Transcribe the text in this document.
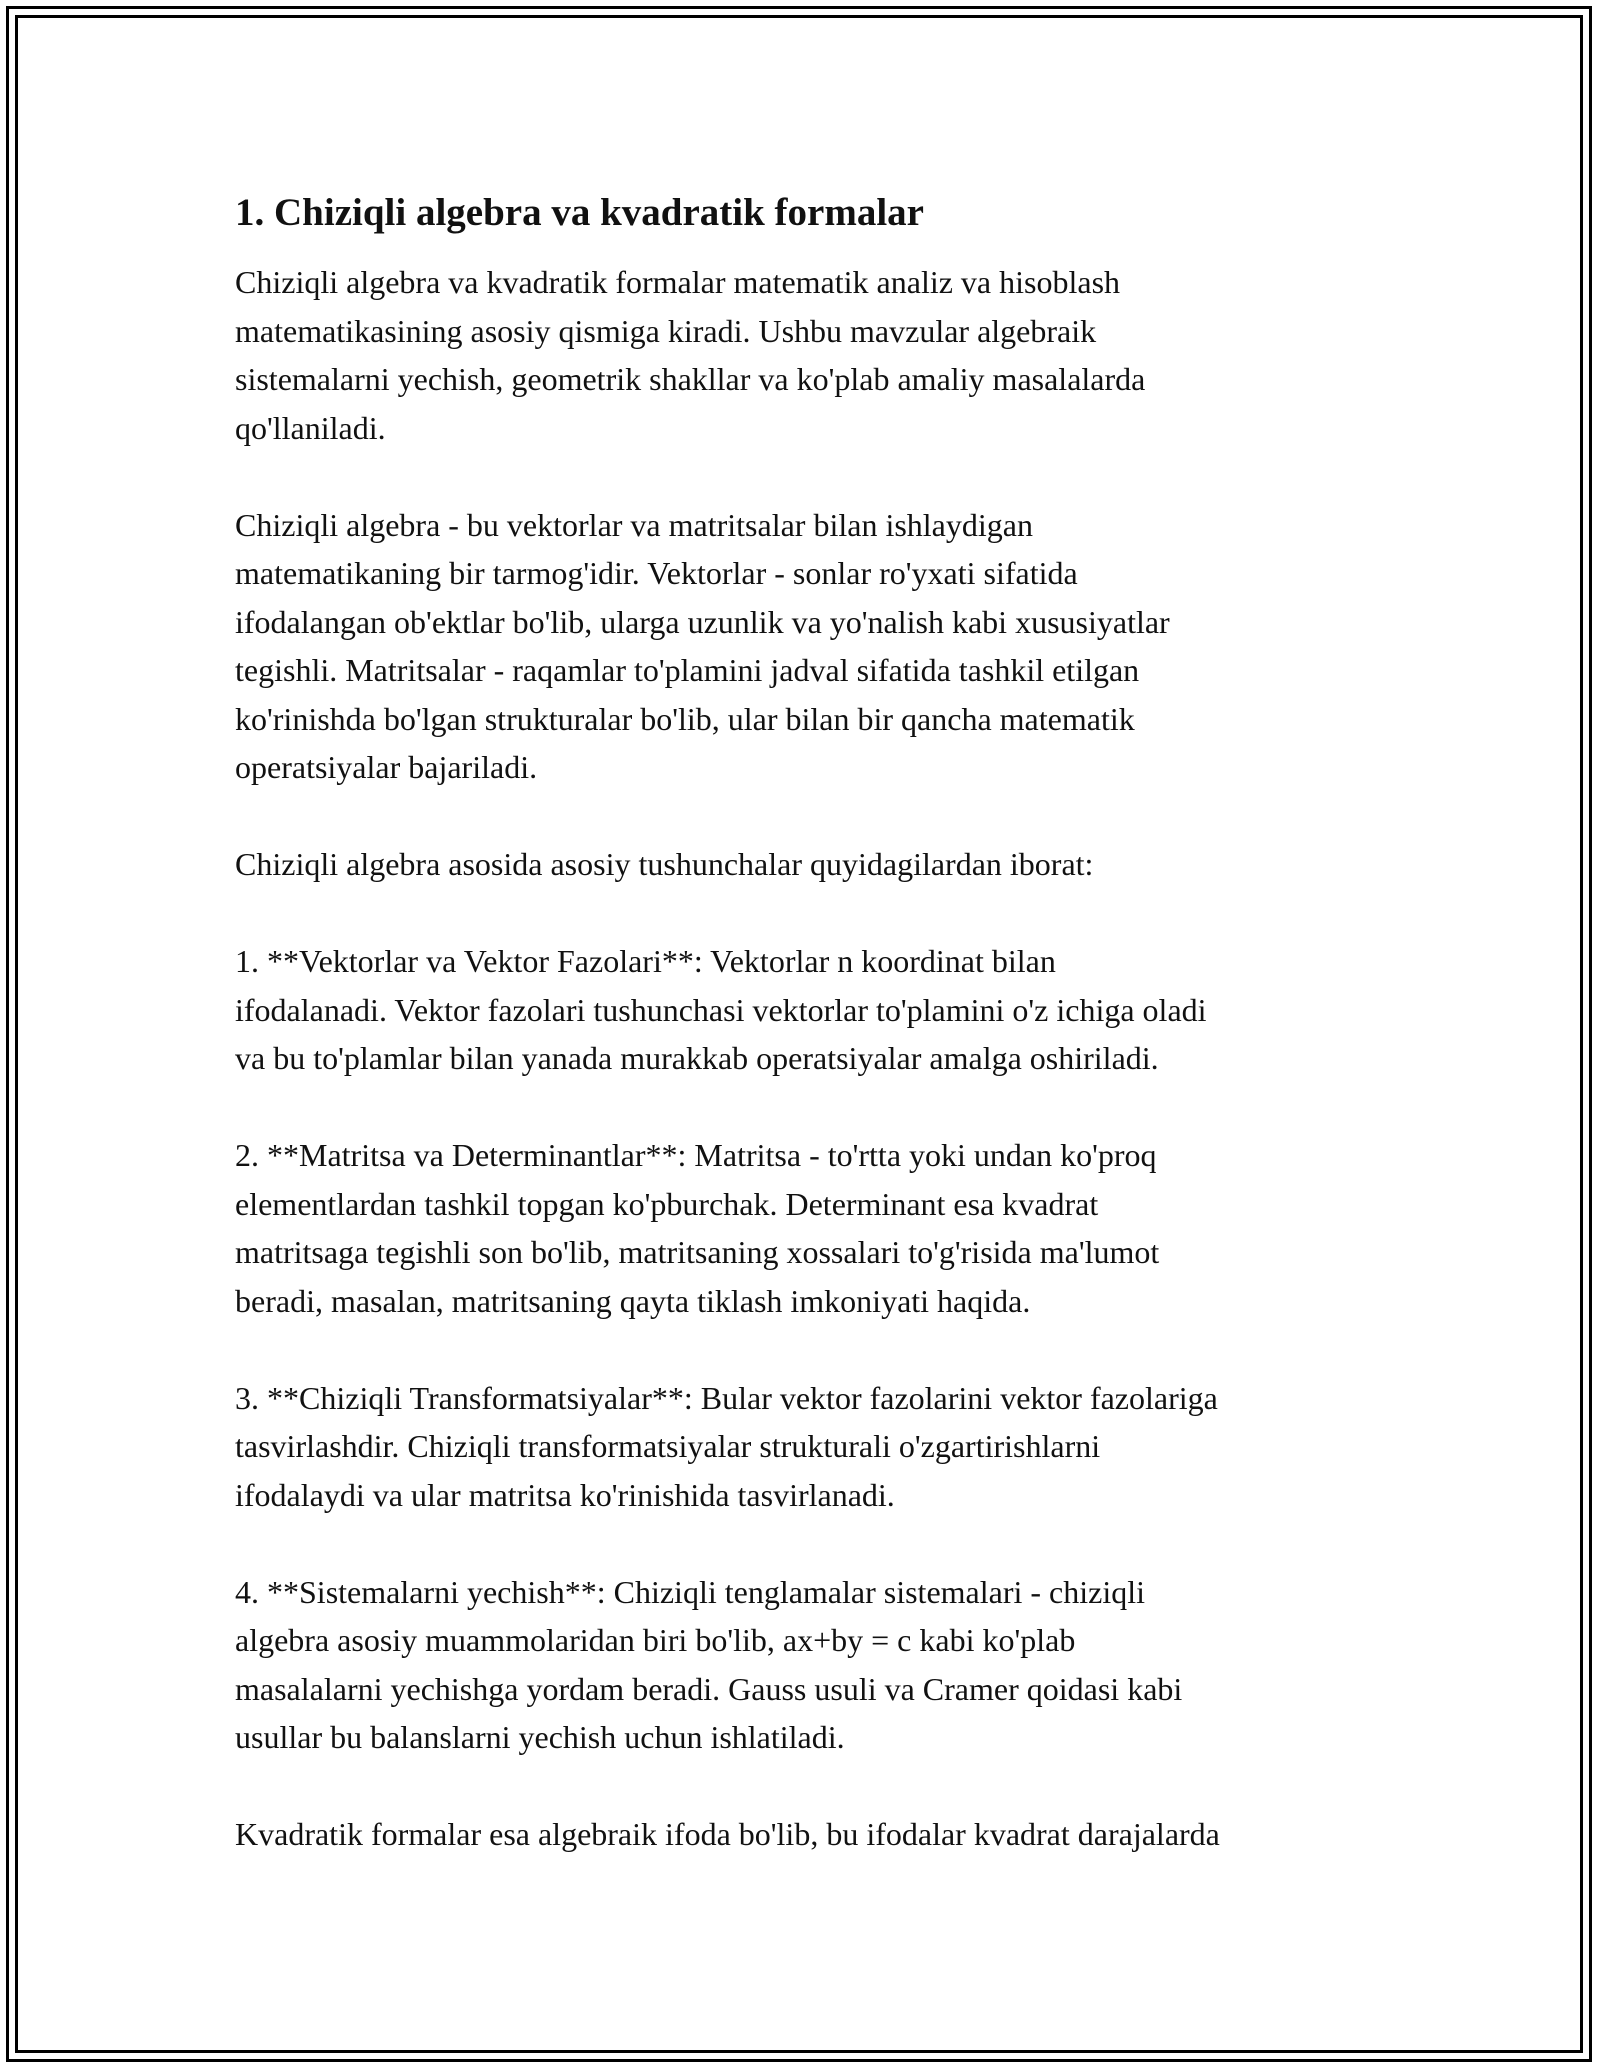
1. Chiziqli algebra va kvadratik formalar

Chiziqli algebra va kvadratik formalar matematik analiz va hisoblash
matematikasining asosiy qismiga kiradi. Ushbu mavzular algebraik
sistemalarni yechish, geometrik shakllar va ko'plab amaliy masalalarda
qo'llaniladi.

Chiziqli algebra - bu vektorlar va matritsalar bilan ishlaydigan
matematikaning bir tarmog'idir. Vektorlar - sonlar ro'yxati sifatida
ifodalangan ob'ektlar bo'lib, ularga uzunlik va yo'nalish kabi xususiyatlar
tegishli. Matritsalar - raqamlar to'plamini jadval sifatida tashkil etilgan
ko'rinishda bo'lgan strukturalar bo'lib, ular bilan bir qancha matematik
operatsiyalar bajariladi.

Chiziqli algebra asosida asosiy tushunchalar quyidagilardan iborat:

1. **Vektorlar va Vektor Fazolari**: Vektorlar n koordinat bilan
ifodalanadi. Vektor fazolari tushunchasi vektorlar to'plamini o'z ichiga oladi
va bu to'plamlar bilan yanada murakkab operatsiyalar amalga oshiriladi.

2. **Matritsa va Determinantlar**: Matritsa - to'rtta yoki undan ko'proq
elementlardan tashkil topgan ko'pburchak. Determinant esa kvadrat
matritsaga tegishli son bo'lib, matritsaning xossalari to'g'risida ma'lumot
beradi, masalan, matritsaning qayta tiklash imkoniyati haqida.

3. **Chiziqli Transformatsiyalar**: Bular vektor fazolarini vektor fazolariga
tasvirlashdir. Chiziqli transformatsiyalar strukturali o'zgartirishlarni
ifodalaydi va ular matritsa ko'rinishida tasvirlanadi.

4. **Sistemalarni yechish**: Chiziqli tenglamalar sistemalari - chiziqli
algebra asosiy muammolaridan biri bo'lib, ax+by = c kabi ko'plab
masalalarni yechishga yordam beradi. Gauss usuli va Cramer qoidasi kabi
usullar bu balanslarni yechish uchun ishlatiladi.

Kvadratik formalar esa algebraik ifoda bo'lib, bu ifodalar kvadrat darajalarda
